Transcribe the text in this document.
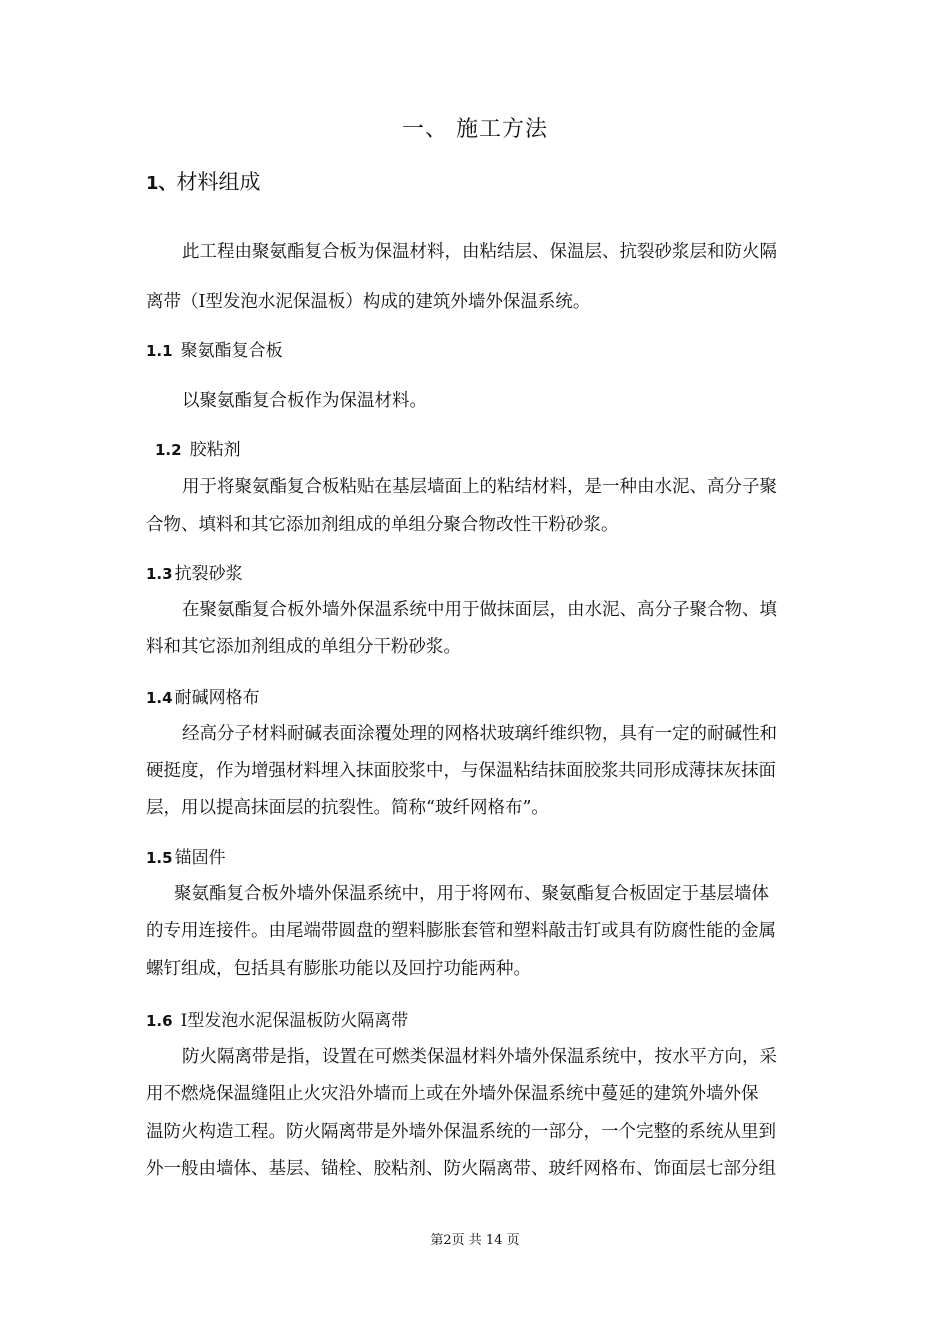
一、 施工方法
1、材料组成
此工程由聚氨酯复合板为保温材料，由粘结层、保温层、抗裂砂浆层和防火隔
离带（Ⅰ型发泡水泥保温板）构成的建筑外墙外保温系统。
1.1 聚氨酯复合板
以聚氨酯复合板作为保温材料。
1.2 胶粘剂
用于将聚氨酯复合板粘贴在基层墙面上的粘结材料，是一种由水泥、高分子聚
合物、填料和其它添加剂组成的单组分聚合物改性干粉砂浆。
1.3 抗裂砂浆
在聚氨酯复合板外墙外保温系统中用于做抹面层，由水泥、高分子聚合物、填
料和其它添加剂组成的单组分干粉砂浆。
1.4 耐碱网格布
经高分子材料耐碱表面涂覆处理的网格状玻璃纤维织物，具有一定的耐碱性和
硬挺度，作为增强材料埋入抹面胶浆中，与保温粘结抹面胶浆共同形成薄抹灰抹面
层，用以提高抹面层的抗裂性。简称“玻纤网格布”。
1.5 锚固件
聚氨酯复合板外墙外保温系统中，用于将网布、聚氨酯复合板固定于基层墙体
的专用连接件。由尾端带圆盘的塑料膨胀套管和塑料敲击钉或具有防腐性能的金属
螺钉组成，包括具有膨胀功能以及回拧功能两种。
1.6 Ⅰ型发泡水泥保温板防火隔离带
防火隔离带是指，设置在可燃类保温材料外墙外保温系统中，按水平方向，采
用不燃烧保温缝阻止火灾沿外墙而上或在外墙外保温系统中蔓延的建筑外墙外保
温防火构造工程。防火隔离带是外墙外保温系统的一部分，一个完整的系统从里到
外一般由墙体、基层、锚栓、胶粘剂、防火隔离带、玻纤网格布、饰面层七部分组
第2页 共 14 页
